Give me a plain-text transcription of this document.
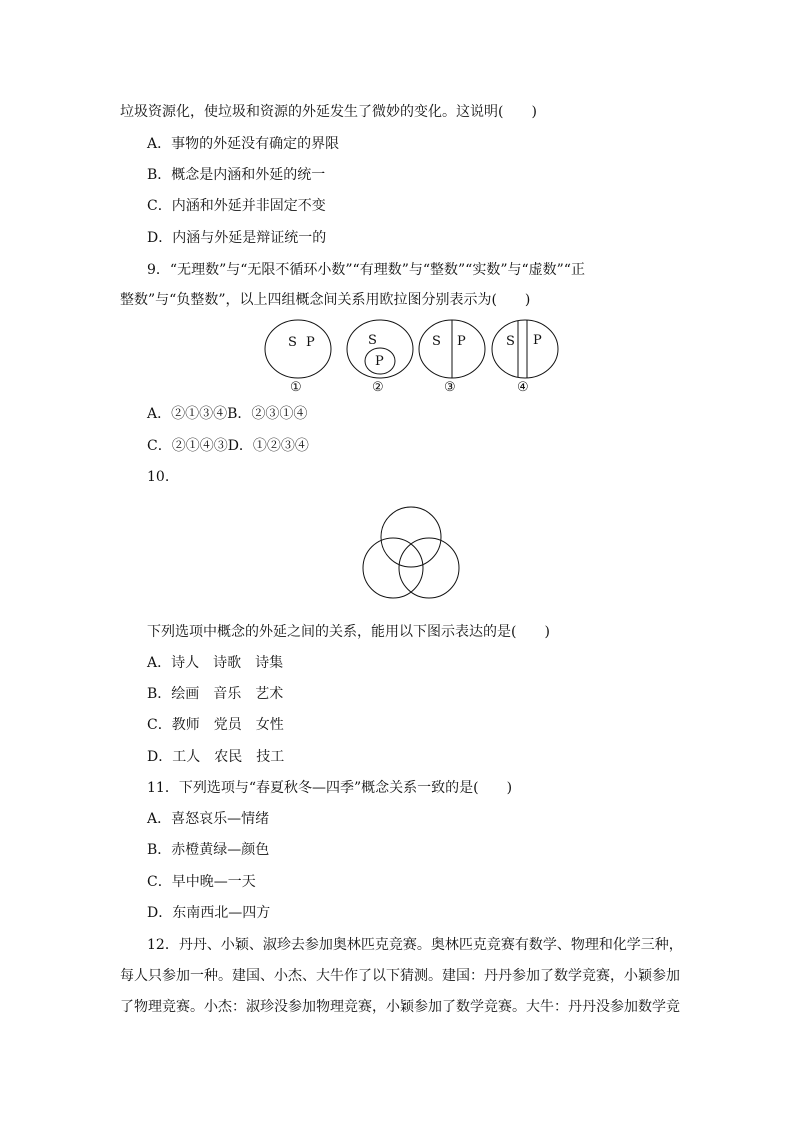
垃圾资源化，使垃圾和资源的外延发生了微妙的变化。这说明(　　)
A．事物的外延没有确定的界限
B．概念是内涵和外延的统一
C．内涵和外延并非固定不变
D．内涵与外延是辩证统一的
9．“无理数”与“无限不循环小数”“有理数”与“整数”“实数”与“虚数”“正
整数”与“负整数”，以上四组概念间关系用欧拉图分别表示为(　　)
S P
①
S
P
②
S P
③
S P
④
A．②①③④B．②③①④
C．②①④③D．①②③④
10.
下列选项中概念的外延之间的关系，能用以下图示表达的是(　　)
A．诗人　诗歌　诗集
B．绘画　音乐　艺术
C．教师　党员　女性
D．工人　农民　技工
11．下列选项与“春夏秋冬—四季”概念关系一致的是(　　)
A．喜怒哀乐—情绪
B．赤橙黄绿—颜色
C．早中晚—一天
D．东南西北—四方
12．丹丹、小颖、淑珍去参加奥林匹克竞赛。奥林匹克竞赛有数学、物理和化学三种，
每人只参加一种。建国、小杰、大牛作了以下猜测。建国：丹丹参加了数学竞赛，小颖参加
了物理竞赛。小杰：淑珍没参加物理竞赛，小颖参加了数学竞赛。大牛：丹丹没参加数学竞
